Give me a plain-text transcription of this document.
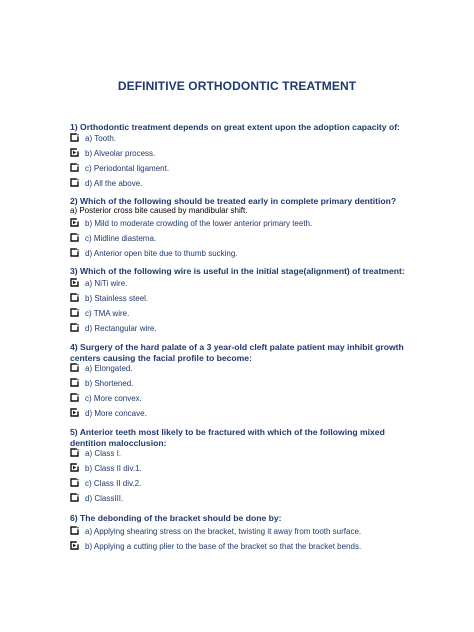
DEFINITIVE ORTHODONTIC TREATMENT
1) Orthodontic treatment depends on great extent upon the adoption capacity of:
a) Tooth.
b) Alveolar process.
c) Periodontal ligament.
d) All the above.
2) Which of the following should be treated early in complete primary dentition?
a) Posterior cross bite caused by mandibular shift.
b) Mild to moderate crowding of the lower anterior primary teeth.
c) Midline diastema.
d) Anterior open bite due to thumb sucking.
3) Which of the following wire is useful in the initial stage(alignment) of treatment:
a) NiTi wire.
b) Stainless steel.
c) TMA wire.
d) Rectangular wire.
4) Surgery of the hard palate of a 3 year-old cleft palate patient may inhibit growth centers causing the facial profile to become:
a) Elongated.
b) Shortened.
c) More convex.
d) More concave.
5) Anterior teeth most likely to be fractured with which of the following mixed dentition malocclusion:
a) Class I.
b) Class II div.1.
c) Class II div.2.
d) ClassIII.
6) The debonding of the bracket should be done by:
a) Applying shearing stress on the bracket, twisting it away from tooth surface.
b) Applying a cutting plier to the base of the bracket so that the bracket bends.
